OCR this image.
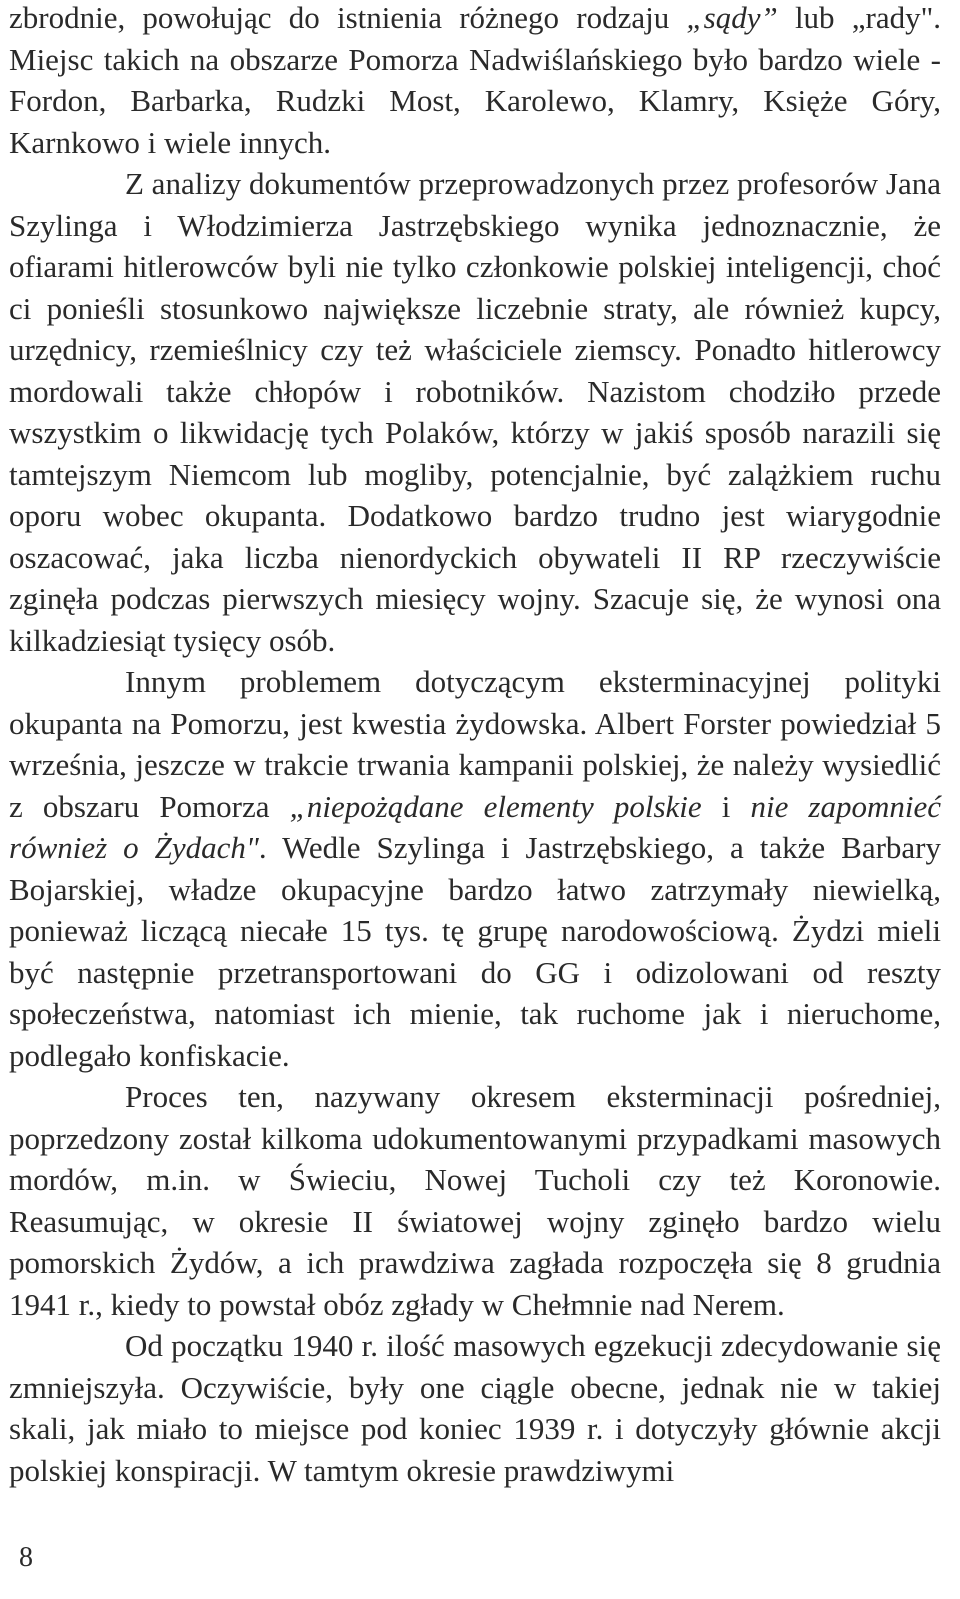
zbrodnie, powołując do istnienia różnego rodzaju „sądy” lub „rady". Miejsc takich na obszarze Pomorza Nadwiślańskiego było bardzo wiele - Fordon, Barbarka, Rudzki Most, Karolewo, Klamry, Księże Góry, Karnkowo i wiele innych.

Z analizy dokumentów przeprowadzonych przez profesorów Jana Szylinga i Włodzimierza Jastrzębskiego wynika jednoznacznie, że ofiarami hitlerowców byli nie tylko członkowie polskiej inteligencji, choć ci ponieśli stosunkowo największe liczebnie straty, ale również kupcy, urzędnicy, rzemieślnicy czy też właściciele ziemscy. Ponadto hitlerowcy mordowali także chłopów i robotników. Nazistom chodziło przede wszystkim o likwidację tych Polaków, którzy w jakiś sposób narazili się tamtejszym Niemcom lub mogliby, potencjalnie, być zalążkiem ruchu oporu wobec okupanta. Dodatkowo bardzo trudno jest wiarygodnie oszacować, jaka liczba nienordyckich obywateli II RP rzeczywiście zginęła podczas pierwszych miesięcy wojny. Szacuje się, że wynosi ona kilkadziesiąt tysięcy osób.

Innym problemem dotyczącym eksterminacyjnej polityki okupanta na Pomorzu, jest kwestia żydowska. Albert Forster powiedział 5 września, jeszcze w trakcie trwania kampanii polskiej, że należy wysiedlić z obszaru Pomorza „niepożądane elementy polskie i nie zapomnieć również o Żydach". Wedle Szylinga i Jastrzębskiego, a także Barbary Bojarskiej, władze okupacyjne bardzo łatwo zatrzymały niewielką, ponieważ liczącą niecałe 15 tys. tę grupę narodowościową. Żydzi mieli być następnie przetransportowani do GG i odizolowani od reszty społeczeństwa, natomiast ich mienie, tak ruchome jak i nieruchome, podlegało konfiskacie.

Proces ten, nazywany okresem eksterminacji pośredniej, poprzedzony został kilkoma udokumentowanymi przypadkami masowych mordów, m.in. w Świeciu, Nowej Tucholi czy też Koronowie. Reasumując, w okresie II światowej wojny zginęło bardzo wielu pomorskich Żydów, a ich prawdziwa zagłada rozpoczęła się 8 grudnia 1941 r., kiedy to powstał obóz zgłady w Chełmnie nad Nerem.

Od początku 1940 r. ilość masowych egzekucji zdecydowanie się zmniejszyła. Oczywiście, były one ciągle obecne, jednak nie w takiej skali, jak miało to miejsce pod koniec 1939 r. i dotyczyły głównie akcji polskiej konspiracji. W tamtym okresie prawdziwymi

8
